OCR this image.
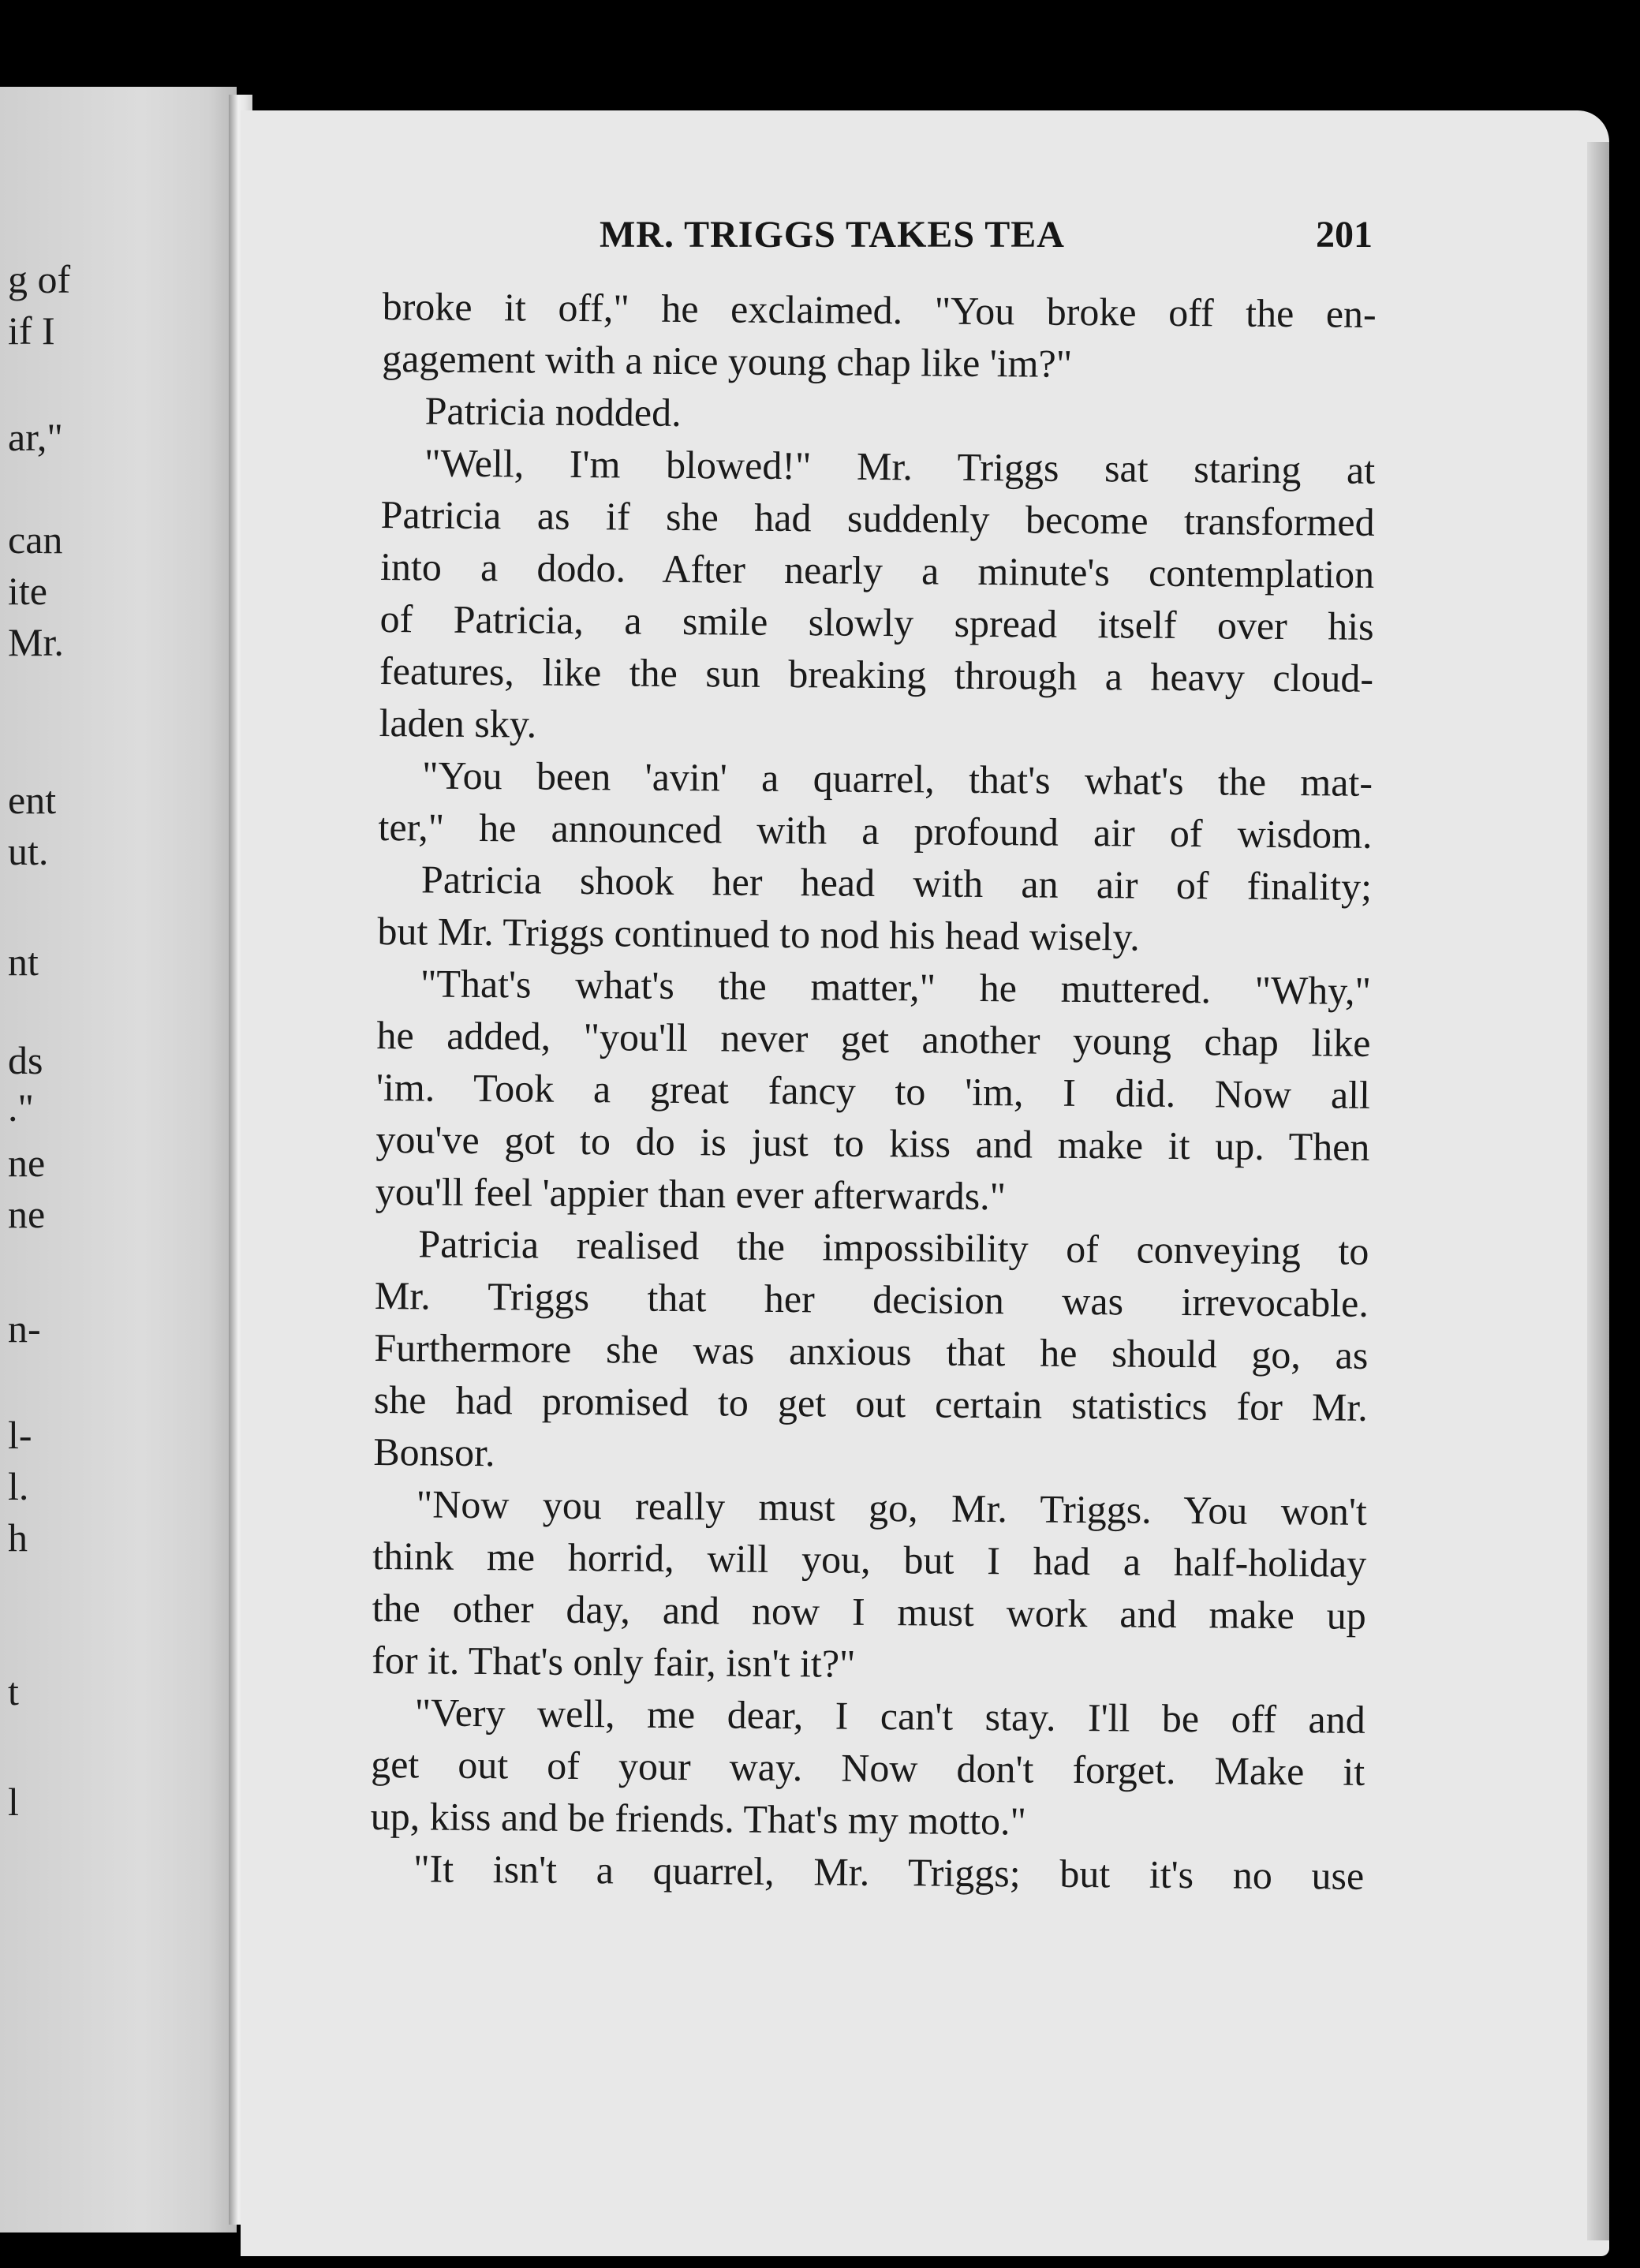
g of
if I
ar,"
can
ite
Mr.
ent
ut.
nt
ds
."
ne
ne
n-
l-
l.
h
t
l
MR. TRIGGS TAKES TEA	201
broke it off," he exclaimed. "You broke off the en-
gagement with a nice young chap like 'im?"
Patricia nodded.
"Well, I'm blowed!" Mr. Triggs sat staring at
Patricia as if she had suddenly become transformed
into a dodo. After nearly a minute's contemplation
of Patricia, a smile slowly spread itself over his
features, like the sun breaking through a heavy cloud-
laden sky.
"You been 'avin' a quarrel, that's what's the mat-
ter," he announced with a profound air of wisdom.
Patricia shook her head with an air of finality;
but Mr. Triggs continued to nod his head wisely.
"That's what's the matter," he muttered. "Why,"
he added, "you'll never get another young chap like
'im. Took a great fancy to 'im, I did. Now all
you've got to do is just to kiss and make it up. Then
you'll feel 'appier than ever afterwards."
Patricia realised the impossibility of conveying to
Mr. Triggs that her decision was irrevocable.
Furthermore she was anxious that he should go, as
she had promised to get out certain statistics for Mr.
Bonsor.
"Now you really must go, Mr. Triggs. You won't
think me horrid, will you, but I had a half-holiday
the other day, and now I must work and make up
for it. That's only fair, isn't it?"
"Very well, me dear, I can't stay. I'll be off and
get out of your way. Now don't forget. Make it
up, kiss and be friends. That's my motto."
"It isn't a quarrel, Mr. Triggs; but it's no use
